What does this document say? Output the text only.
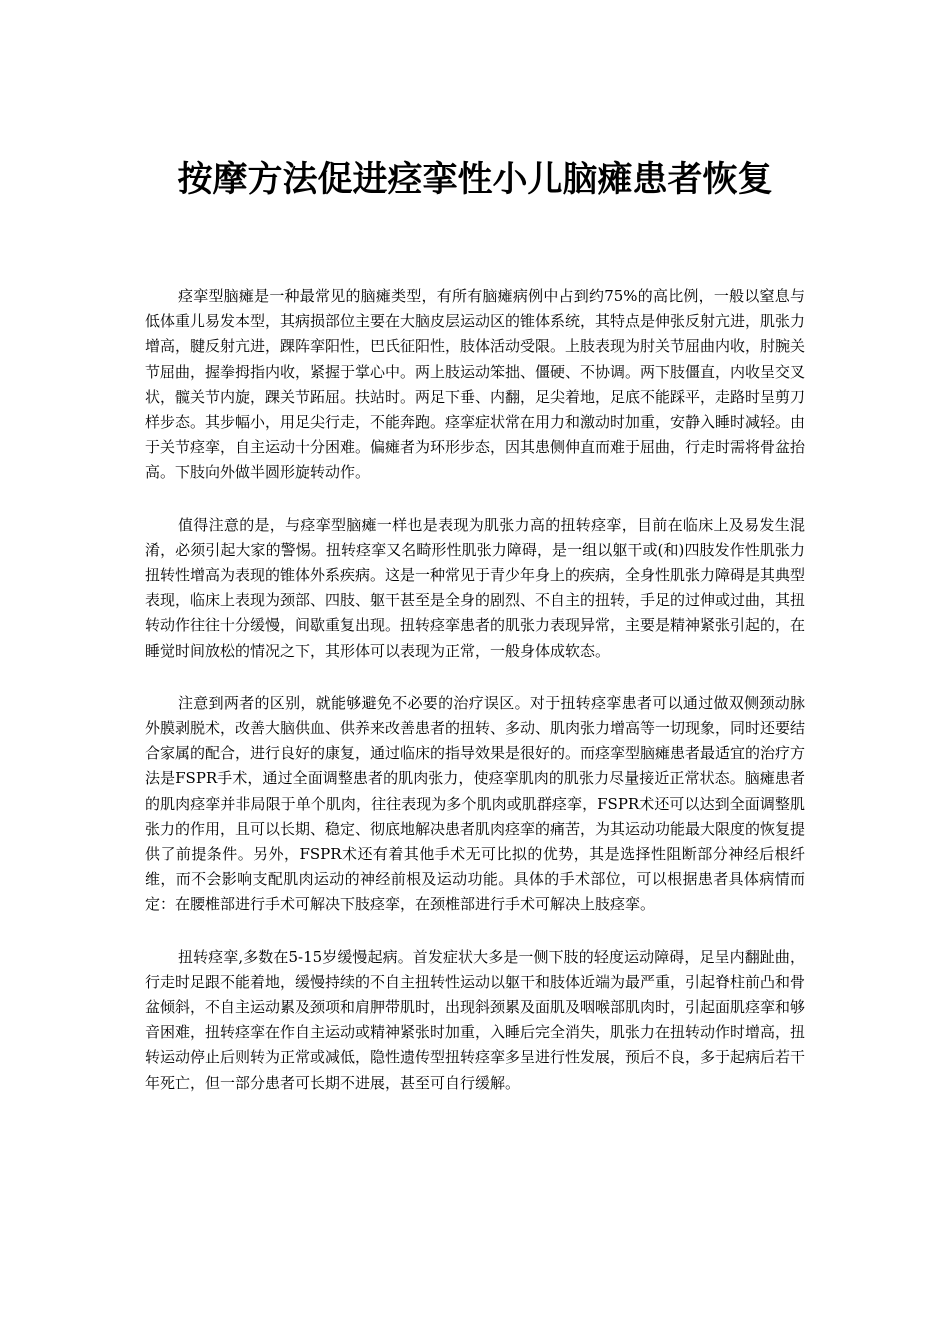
按摩方法促进痉挛性小儿脑瘫患者恢复

痉挛型脑瘫是一种最常见的脑瘫类型，有所有脑瘫病例中占到约75%的高比例，一般以窒息与低体重儿易发本型，其病损部位主要在大脑皮层运动区的锥体系统，其特点是伸张反射亢进，肌张力增高，腱反射亢进，踝阵挛阳性，巴氏征阳性，肢体活动受限。上肢表现为肘关节屈曲内收，肘腕关节屈曲，握拳拇指内收，紧握于掌心中。两上肢运动笨拙、僵硬、不协调。两下肢僵直，内收呈交叉状，髋关节内旋，踝关节跖屈。扶站时。两足下垂、内翻，足尖着地，足底不能踩平，走路时呈剪刀样步态。其步幅小，用足尖行走，不能奔跑。痉挛症状常在用力和激动时加重，安静入睡时减轻。由于关节痉挛，自主运动十分困难。偏瘫者为环形步态，因其患侧伸直而难于屈曲，行走时需将骨盆抬高。下肢向外做半圆形旋转动作。

值得注意的是，与痉挛型脑瘫一样也是表现为肌张力高的扭转痉挛，目前在临床上及易发生混淆，必须引起大家的警惕。扭转痉挛又名畸形性肌张力障碍，是一组以躯干或(和)四肢发作性肌张力扭转性增高为表现的锥体外系疾病。这是一种常见于青少年身上的疾病，全身性肌张力障碍是其典型表现，临床上表现为颈部、四肢、躯干甚至是全身的剧烈、不自主的扭转，手足的过伸或过曲，其扭转动作往往十分缓慢，间歇重复出现。扭转痉挛患者的肌张力表现异常，主要是精神紧张引起的，在睡觉时间放松的情况之下，其形体可以表现为正常，一般身体成软态。

注意到两者的区别，就能够避免不必要的治疗误区。对于扭转痉挛患者可以通过做双侧颈动脉外膜剥脱术，改善大脑供血、供养来改善患者的扭转、多动、肌肉张力增高等一切现象，同时还要结合家属的配合，进行良好的康复，通过临床的指导效果是很好的。而痉挛型脑瘫患者最适宜的治疗方法是FSPR手术，通过全面调整患者的肌肉张力，使痉挛肌肉的肌张力尽量接近正常状态。脑瘫患者的肌肉痉挛并非局限于单个肌肉，往往表现为多个肌肉或肌群痉挛，FSPR术还可以达到全面调整肌张力的作用，且可以长期、稳定、彻底地解决患者肌肉痉挛的痛苦，为其运动功能最大限度的恢复提供了前提条件。另外，FSPR术还有着其他手术无可比拟的优势，其是选择性阻断部分神经后根纤维，而不会影响支配肌肉运动的神经前根及运动功能。具体的手术部位，可以根据患者具体病情而定：在腰椎部进行手术可解决下肢痉挛，在颈椎部进行手术可解决上肢痉挛。

扭转痉挛,多数在5-15岁缓慢起病。首发症状大多是一侧下肢的轻度运动障碍，足呈内翻趾曲，行走时足跟不能着地，缓慢持续的不自主扭转性运动以躯干和肢体近端为最严重，引起脊柱前凸和骨盆倾斜，不自主运动累及颈项和肩胛带肌时，出现斜颈累及面肌及咽喉部肌肉时，引起面肌痉挛和够音困难，扭转痉挛在作自主运动或精神紧张时加重，入睡后完全消失，肌张力在扭转动作时增高，扭转运动停止后则转为正常或减低，隐性遗传型扭转痉挛多呈进行性发展，预后不良，多于起病后若干年死亡，但一部分患者可长期不进展，甚至可自行缓解。
